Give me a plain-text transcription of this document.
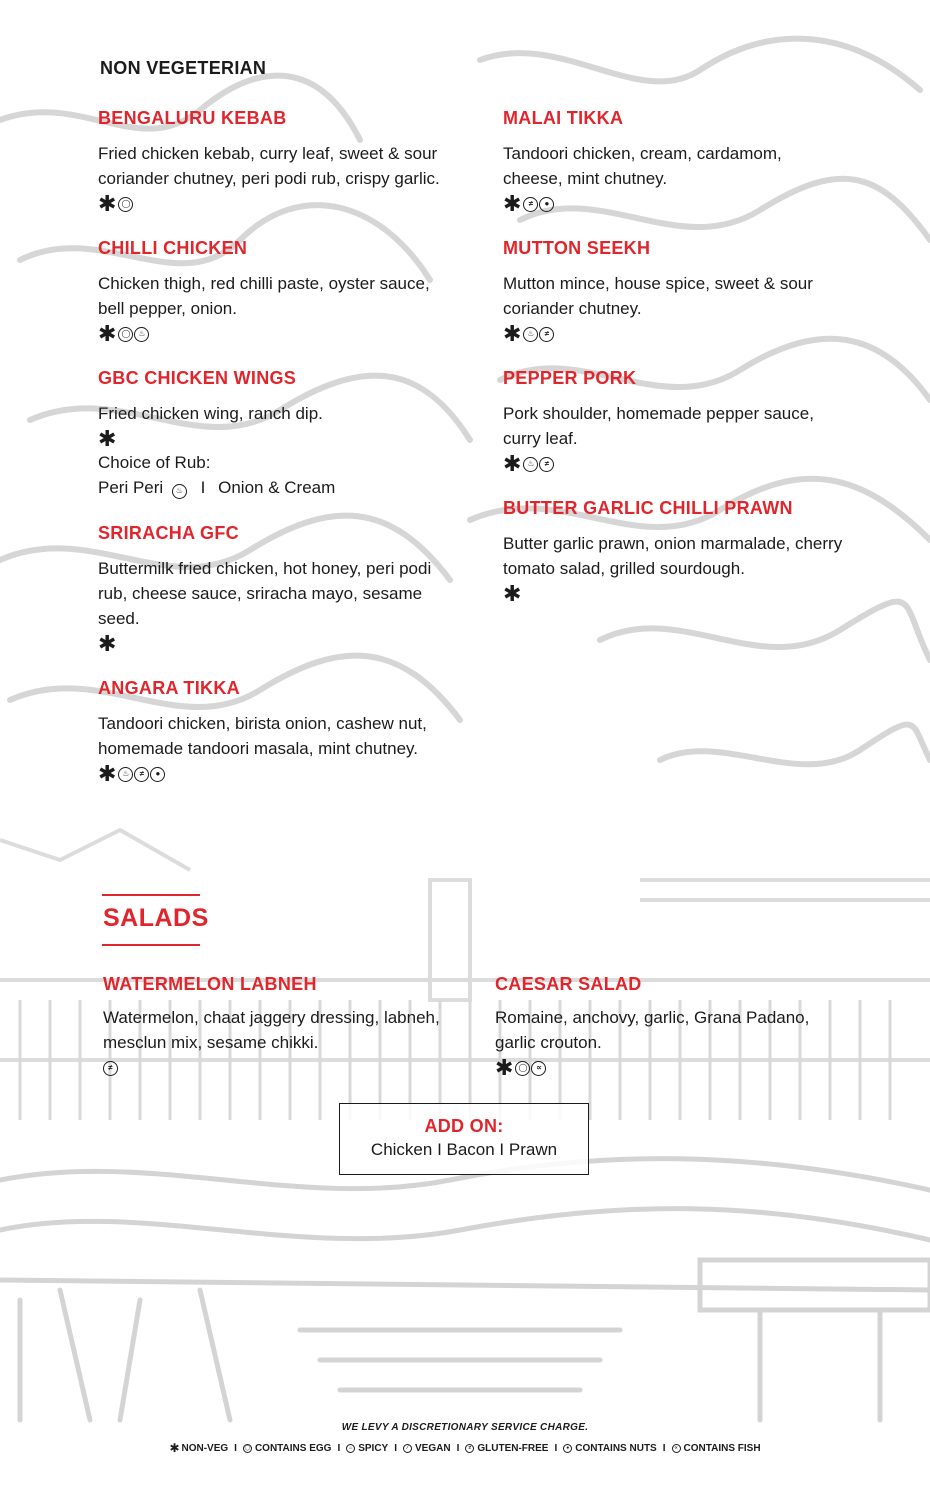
NON VEGETERIAN
BENGALURU KEBAB
Fried chicken kebab, curry leaf, sweet & sour coriander chutney, peri podi rub, crispy garlic.
✱ ◯
CHILLI CHICKEN
Chicken thigh, red chilli paste, oyster sauce, bell pepper, onion.
✱ ◯ ♨
GBC CHICKEN WINGS
Fried chicken wing, ranch dip.
✱
Choice of Rub:
Peri Peri ♨ I Onion & Cream
SRIRACHA GFC
Buttermilk fried chicken, hot honey, peri podi rub, cheese sauce, sriracha mayo, sesame seed.
✱
ANGARA TIKKA
Tandoori chicken, birista onion, cashew nut, homemade tandoori masala, mint chutney.
✱ ♨	≠	●
MALAI TIKKA
Tandoori chicken, cream, cardamom, cheese, mint chutney.
✱ ≠	●
MUTTON SEEKH
Mutton mince, house spice, sweet & sour coriander chutney.
✱ ♨	≠
PEPPER PORK
Pork shoulder, homemade pepper sauce, curry leaf.
✱ ♨	≠
BUTTER GARLIC CHILLI PRAWN
Butter garlic prawn, onion marmalade, cherry tomato salad, grilled sourdough.
✱
SALADS
WATERMELON LABNEH
Watermelon, chaat jaggery dressing, labneh, mesclun mix, sesame chikki.
≠
CAESAR SALAD
Romaine, anchovy, garlic, Grana Padano, garlic crouton.
✱ ◯	∝
ADD ON:
Chicken I Bacon I Prawn
WE LEVY A DISCRETIONARY SERVICE CHARGE.
✱ NON-VEG I	◯ CONTAINS EGG I	♨ SPICY I	⁄ VEGAN I	≠ GLUTEN-FREE I	● CONTAINS NUTS I	∝ CONTAINS FISH
